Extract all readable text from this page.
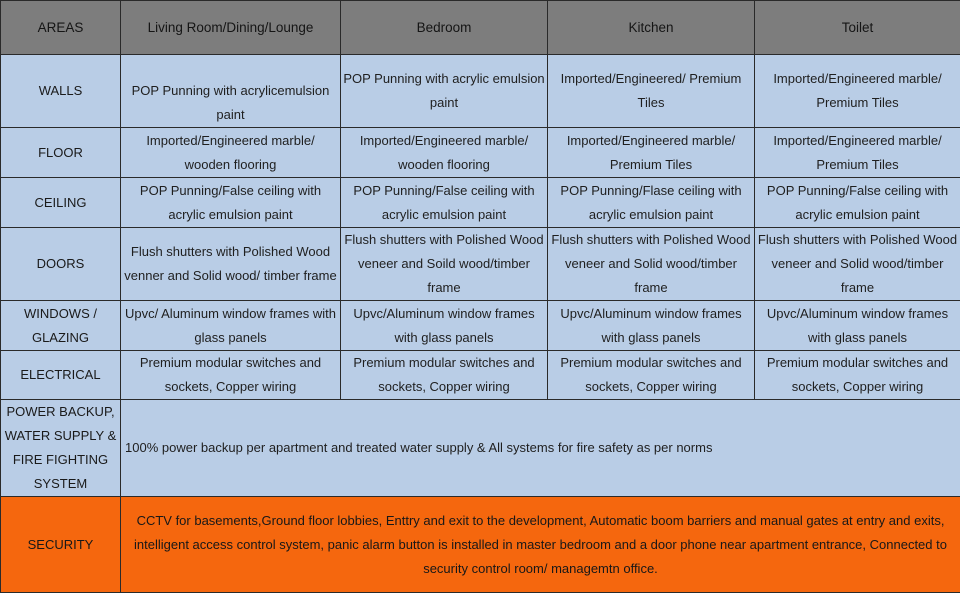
AREAS	Living Room/Dining/Lounge	Bedroom	Kitchen	Toilet
WALLS	POP Punning with acrylicemulsion paint	POP Punning with acrylic emulsion paint	Imported/Engineered/ Premium Tiles	Imported/Engineered marble/ Premium Tiles
FLOOR	Imported/Engineered marble/ wooden flooring	Imported/Engineered marble/ wooden flooring	Imported/Engineered marble/ Premium Tiles	Imported/Engineered marble/ Premium Tiles
CEILING	POP Punning/False ceiling with acrylic emulsion paint	POP Punning/False ceiling with acrylic emulsion paint	POP Punning/Flase ceiling with acrylic emulsion paint	POP Punning/False ceiling with acrylic emulsion paint
DOORS	Flush shutters with Polished Wood venner and Solid wood/ timber frame	Flush shutters with Polished Wood veneer and Soild wood/timber frame	Flush shutters with Polished Wood veneer and Solid wood/timber frame	Flush shutters with Polished Wood veneer and Solid wood/timber frame
WINDOWS / GLAZING	Upvc/ Aluminum window frames with glass panels	Upvc/Aluminum window frames with glass panels	Upvc/Aluminum window frames with glass panels	Upvc/Aluminum window frames with glass panels
ELECTRICAL	Premium modular switches and sockets, Copper wiring	Premium modular switches and sockets, Copper wiring	Premium modular switches and sockets, Copper wiring	Premium modular switches and sockets, Copper wiring
POWER BACKUP, WATER SUPPLY & FIRE FIGHTING SYSTEM	100% power backup per apartment and treated water supply & All systems for fire safety as per norms			
SECURITY	CCTV for basements,Ground floor lobbies, Enttry and exit to the development, Automatic boom barriers and manual gates at entry and exits, intelligent access control system, panic alarm button is installed in master bedroom and a door phone near apartment entrance, Connected to security control room/ managemtn office.			
